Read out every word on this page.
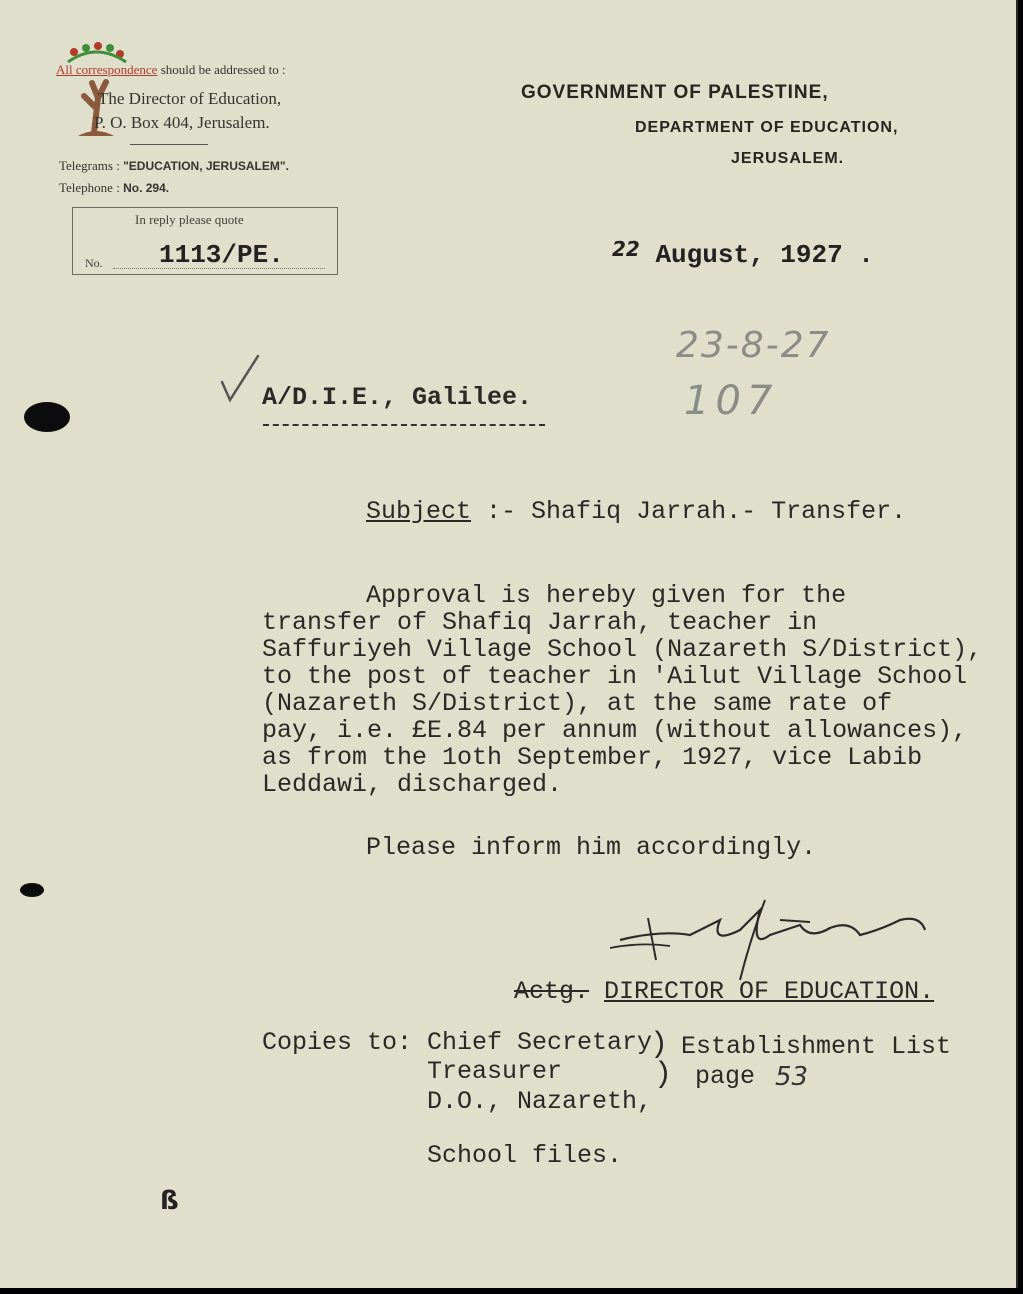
All correspondence should be addressed to :
The Director of Education,
P. O. Box 404, Jerusalem.
Telegrams : "EDUCATION, JERUSALEM".
Telephone : No. 294.
In reply please quote
No. 1113/PE.
GOVERNMENT OF PALESTINE,
DEPARTMENT OF EDUCATION,
JERUSALEM.
$^{22}$ August, 1927 .
23-8-27
107
A/D.I.E., Galilee.
Subject :- Shafiq Jarrah.- Transfer.
Approval is hereby given for the
transfer of Shafiq Jarrah, teacher in
Saffuriyeh Village School (Nazareth S/District),
to the post of teacher in 'Ailut Village School
(Nazareth S/District), at the same rate of
pay, i.e. £E.84 per annum (without allowances),
as from the 1oth September, 1927, vice Labib
Leddawi, discharged.
Please inform him accordingly.
Actg. DIRECTOR OF EDUCATION.
Copies to: Chief Secretary
Treasurer
D.O., Nazareth,
)
)
Establishment List
page 53
School files.
ß
